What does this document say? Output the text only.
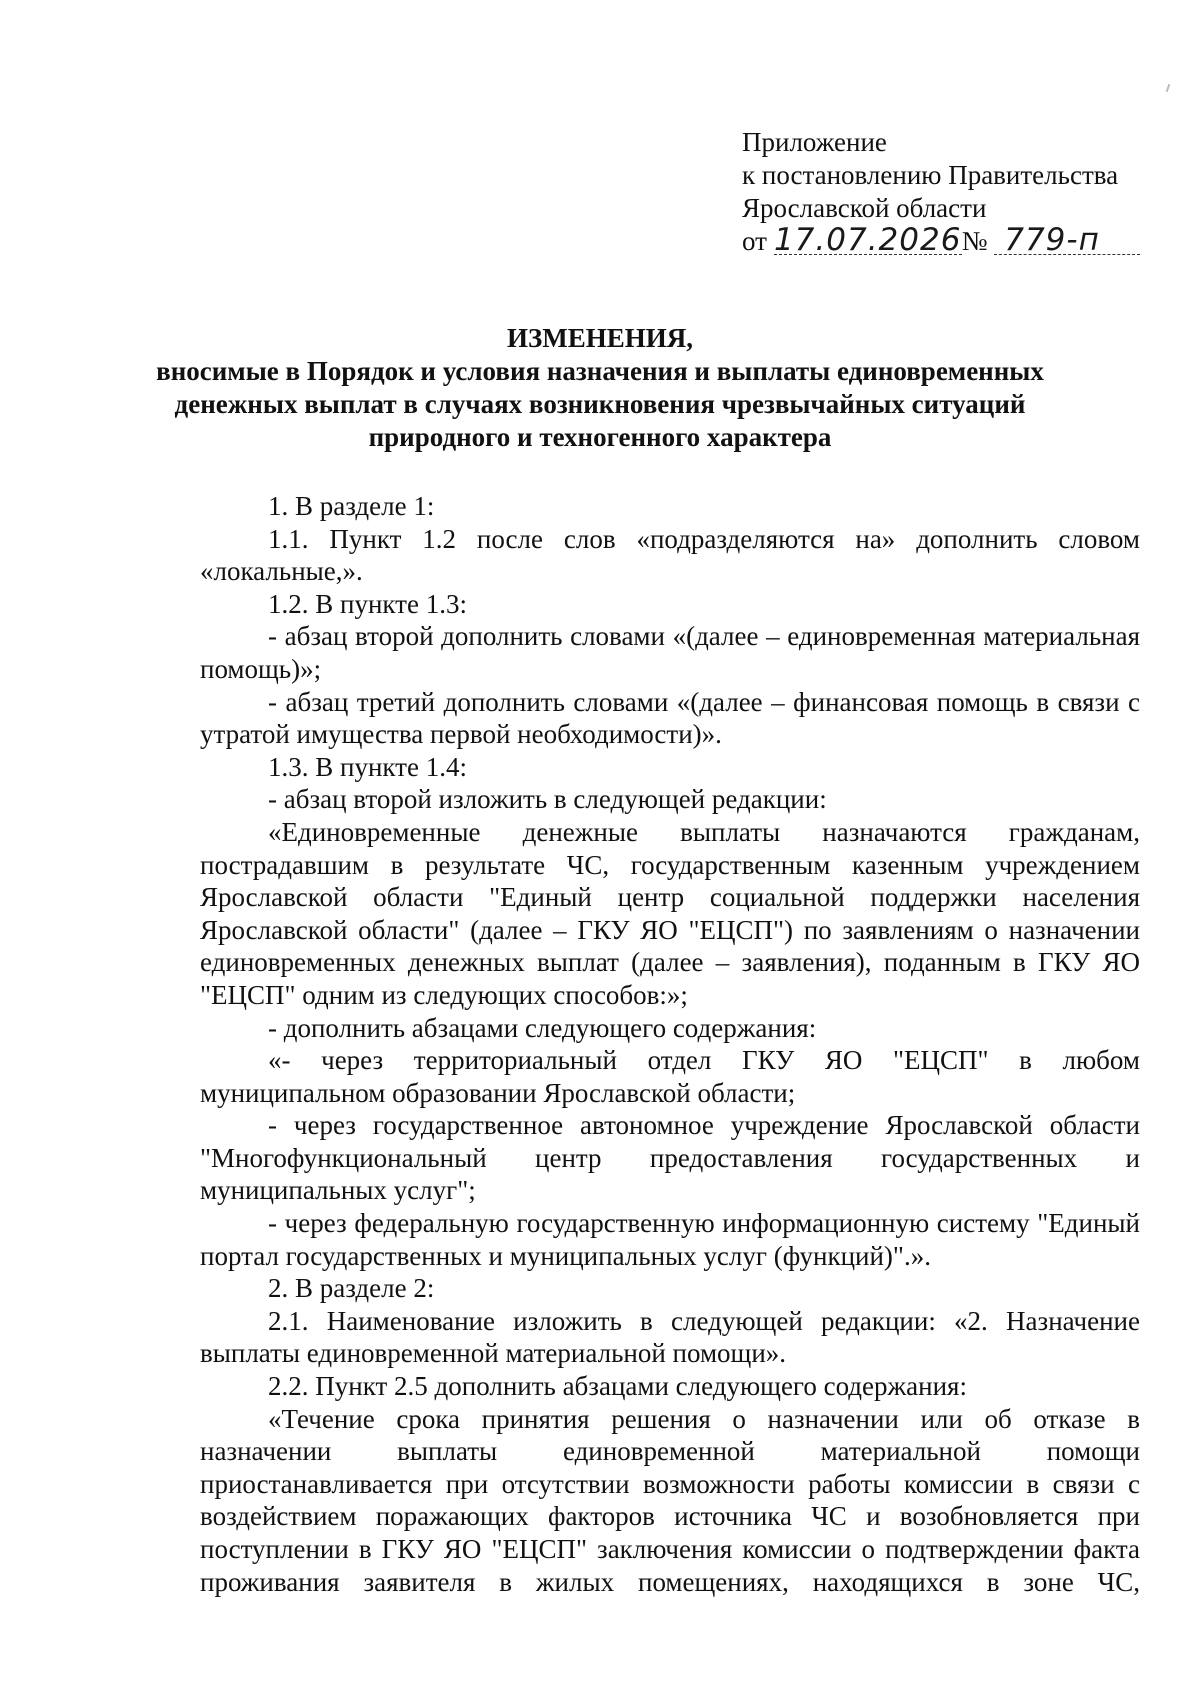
Приложение
к постановлению Правительства
Ярославской области
от 17.07.2026№ 779-п
ИЗМЕНЕНИЯ,
вносимые в Порядок и условия назначения и выплаты единовременных
денежных выплат в случаях возникновения чрезвычайных ситуаций
природного и техногенного характера

1. В разделе 1:

1.1. Пункт 1.2 после слов «подразделяются на» дополнить словом «локальные,».

1.2. В пункте 1.3:

- абзац второй дополнить словами «(далее – единовременная материальная помощь)»;

- абзац третий дополнить словами «(далее – финансовая помощь в связи с утратой имущества первой необходимости)».

1.3. В пункте 1.4:

- абзац второй изложить в следующей редакции:

«Единовременные денежные выплаты назначаются гражданам, пострадавшим в результате ЧС, государственным казенным учреждением Ярославской области "Единый центр социальной поддержки населения Ярославской области" (далее – ГКУ ЯО "ЕЦСП") по заявлениям о назначении единовременных денежных выплат (далее – заявления), поданным в ГКУ ЯО "ЕЦСП" одним из следующих способов:»;

- дополнить абзацами следующего содержания:

«- через территориальный отдел ГКУ ЯО "ЕЦСП" в любом муниципальном образовании Ярославской области;

- через государственное автономное учреждение Ярославской области "Многофункциональный центр предоставления государственных и муниципальных услуг";

- через федеральную государственную информационную систему "Единый портал государственных и муниципальных услуг (функций)".».

2. В разделе 2:

2.1. Наименование изложить в следующей редакции: «2. Назначение выплаты единовременной материальной помощи».

2.2. Пункт 2.5 дополнить абзацами следующего содержания:

«Течение срока принятия решения о назначении или об отказе в назначении выплаты единовременной материальной помощи приостанавливается при отсутствии возможности работы комиссии в связи с воздействием поражающих факторов источника ЧС и возобновляется при поступлении в ГКУ ЯО "ЕЦСП" заключения комиссии о подтверждении факта проживания заявителя в жилых помещениях, находящихся в зоне ЧС,
